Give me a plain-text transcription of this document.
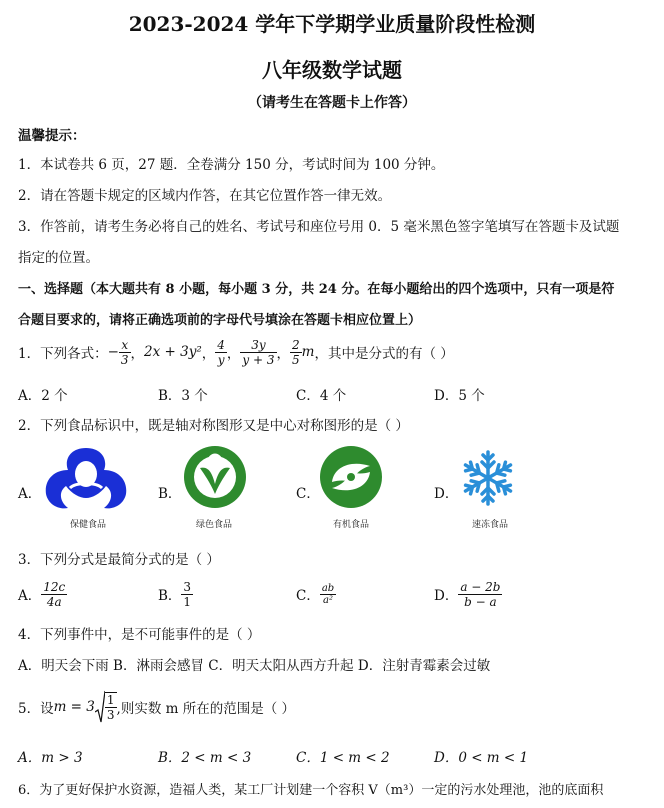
2023-2024 学年下学期学业质量阶段性检测
八年级数学试题
（请考生在答题卡上作答）
温馨提示：
1．本试卷共 6 页，27 题．全卷满分 150 分，考试时间为 100 分钟。
2．请在答题卡规定的区域内作答，在其它位置作答一律无效。
3．作答前，请考生务必将自己的姓名、考试号和座位号用 0．5 毫米黑色签字笔填写在答题卡及试题
指定的位置。
一、选择题（本大题共有 8 小题，每小题 3 分，共 24 分。在每小题给出的四个选项中，只有一项是符
合题目要求的，请将正确选项前的字母代号填涂在答题卡相应位置上）
1．下列各式： − $\frac{x}{3}$ ， 2x + 3y² ， $\frac{4}{y}$ ， $\frac{3y}{y + 3}$ ， $\frac{2}{5}$ m ，其中是分式的有（ ）
A．2 个	B．3 个	C．4 个	D．5 个
2．下列食品标识中，既是轴对称图形又是中心对称图形的是（ ）
A．
保健食品
B．
绿色食品
C．
有机食品
D．
速冻食品
3．下列分式是最简分式的是（ ）
A． $\frac{12c}{4a}$	B． $\frac{3}{1}$	C． $\frac{ab}{\text{a²}}$	D． $\frac{a - 2b}{b - a}$
4．下列事件中，是不可能事件的是（ ）
A．明天会下雨 B．淋雨会感冒 C．明天太阳从西方升起 D．注射青霉素会过敏
5．设 $m = 3 \frac{1}{3}$ ,则实数 m 所在的范围是（ ）
A．m > 3	B．2 < m < 3	C．1 < m < 2	D．0 < m < 1
6．为了更好保护水资源，造福人类，某工厂计划建一个容积 V（m³）一定的污水处理池，池的底面积
